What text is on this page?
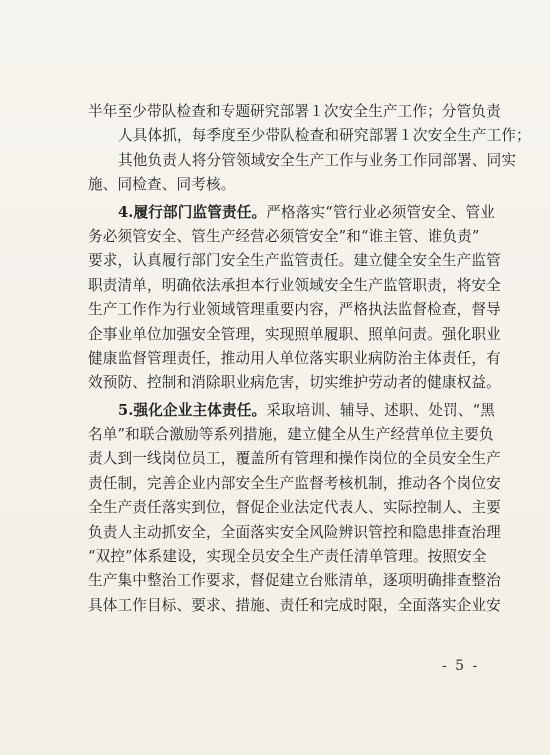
半年至少带队检查和专题研究部署１次安全生产工作；分管负责
人具体抓，每季度至少带队检查和研究部署１次安全生产工作；
其他负责人将分管领域安全生产工作与业务工作同部署、同实
施、同检查、同考核。
4.履行部门监管责任。严格落实“管行业必须管安全、管业
务必须管安全、管生产经营必须管安全”和“谁主管、谁负责”
要求，认真履行部门安全生产监管责任。建立健全安全生产监管
职责清单，明确依法承担本行业领域安全生产监管职责，将安全
生产工作作为行业领域管理重要内容，严格执法监督检查，督导
企事业单位加强安全管理，实现照单履职、照单问责。强化职业
健康监督管理责任，推动用人单位落实职业病防治主体责任，有
效预防、控制和消除职业病危害，切实维护劳动者的健康权益。
5.强化企业主体责任。采取培训、辅导、述职、处罚、“黑
名单”和联合激励等系列措施，建立健全从生产经营单位主要负
责人到一线岗位员工，覆盖所有管理和操作岗位的全员安全生产
责任制，完善企业内部安全生产监督考核机制，推动各个岗位安
全生产责任落实到位，督促企业法定代表人、实际控制人、主要
负责人主动抓安全，全面落实安全风险辨识管控和隐患排查治理
“双控”体系建设，实现全员安全生产责任清单管理。按照安全
生产集中整治工作要求，督促建立台账清单，逐项明确排查整治
具体工作目标、要求、措施、责任和完成时限，全面落实企业安
- 5 -
